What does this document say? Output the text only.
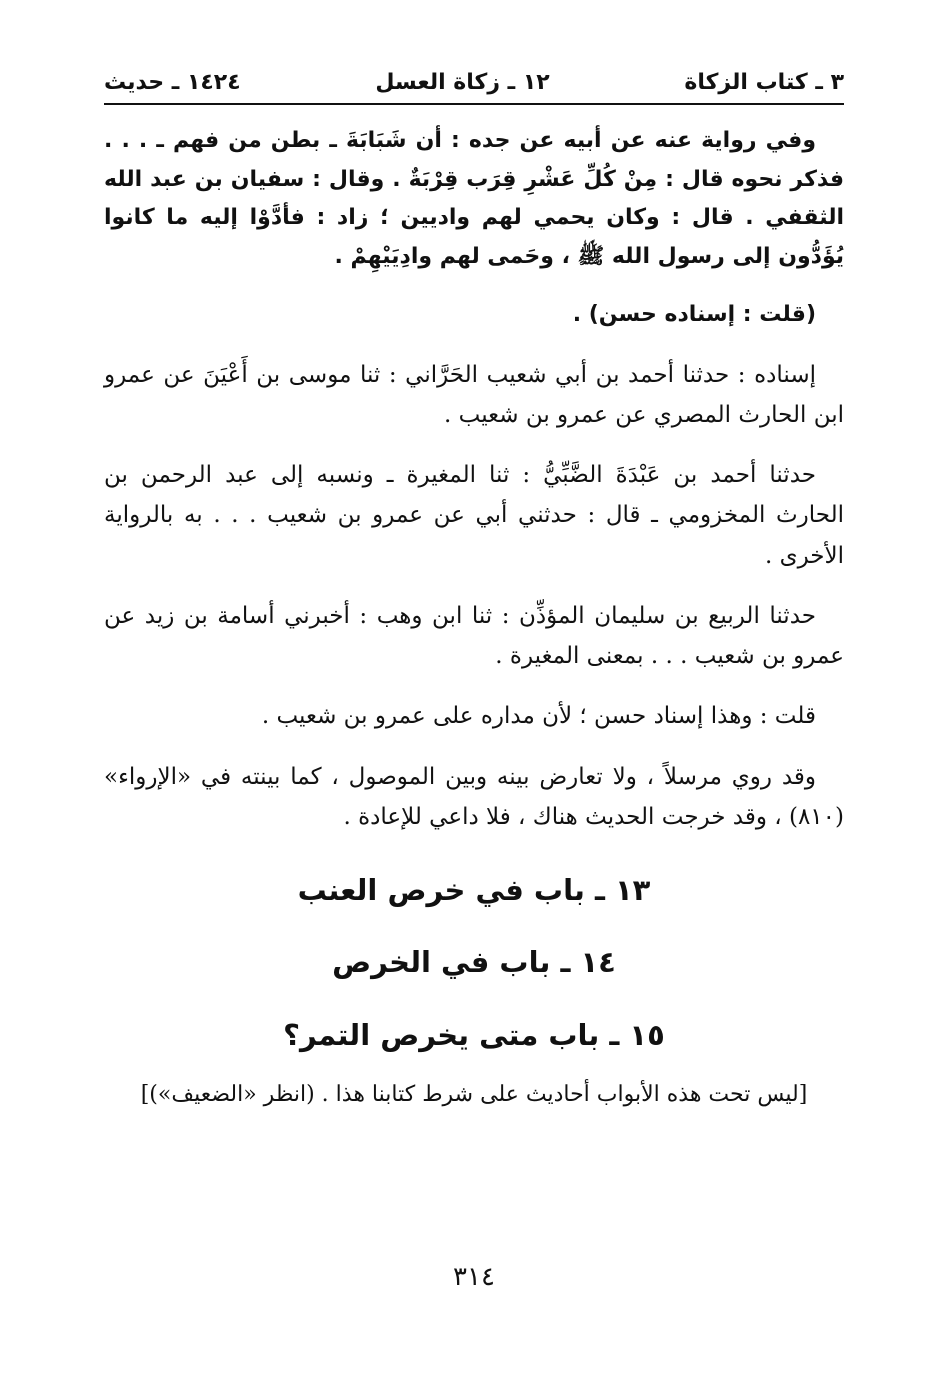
٣ ـ كتاب الزكاة
١٢ ـ زكاة العسل
١٤٢٤ ـ حديث

وفي رواية عنه عن أبيه عن جده : أن شَبَابَةَ ـ بطن من فهم ـ . . . فذكر نحوه قال : مِنْ كُلِّ عَشْرِ قِرَب قِرْبَةٌ . وقال : سفيان بن عبد الله الثقفي . قال : وكان يحمي لهم واديين ؛ زاد : فأدَّوْا إليه ما كانوا يُؤَدُّون إلى رسول الله ﷺ ، وحَمى لهم وادِيَيْهِمْ .

(قلت : إسناده حسن) .

إسناده : حدثنا أحمد بن أبي شعيب الحَرَّاني : ثنا موسى بن أَعْيَنَ عن عمرو ابن الحارث المصري عن عمرو بن شعيب .

حدثنا أحمد بن عَبْدَةَ الضَّبِّيُّ : ثنا المغيرة ـ ونسبه إلى عبد الرحمن بن الحارث المخزومي ـ قال : حدثني أبي عن عمرو بن شعيب . . . به بالرواية الأخرى .

حدثنا الربيع بن سليمان المؤذِّن : ثنا ابن وهب : أخبرني أسامة بن زيد عن عمرو بن شعيب . . . بمعنى المغيرة .

قلت : وهذا إسناد حسن ؛ لأن مداره على عمرو بن شعيب .

وقد روي مرسلاً ، ولا تعارض بينه وبين الموصول ، كما بينته في «الإرواء» (٨١٠) ، وقد خرجت الحديث هناك ، فلا داعي للإعادة .

١٣ ـ باب في خرص العنب
١٤ ـ باب في الخرص
١٥ ـ باب متى يخرص التمر؟

[ليس تحت هذه الأبواب أحاديث على شرط كتابنا هذا . (انظر «الضعيف»)]

٣١٤
